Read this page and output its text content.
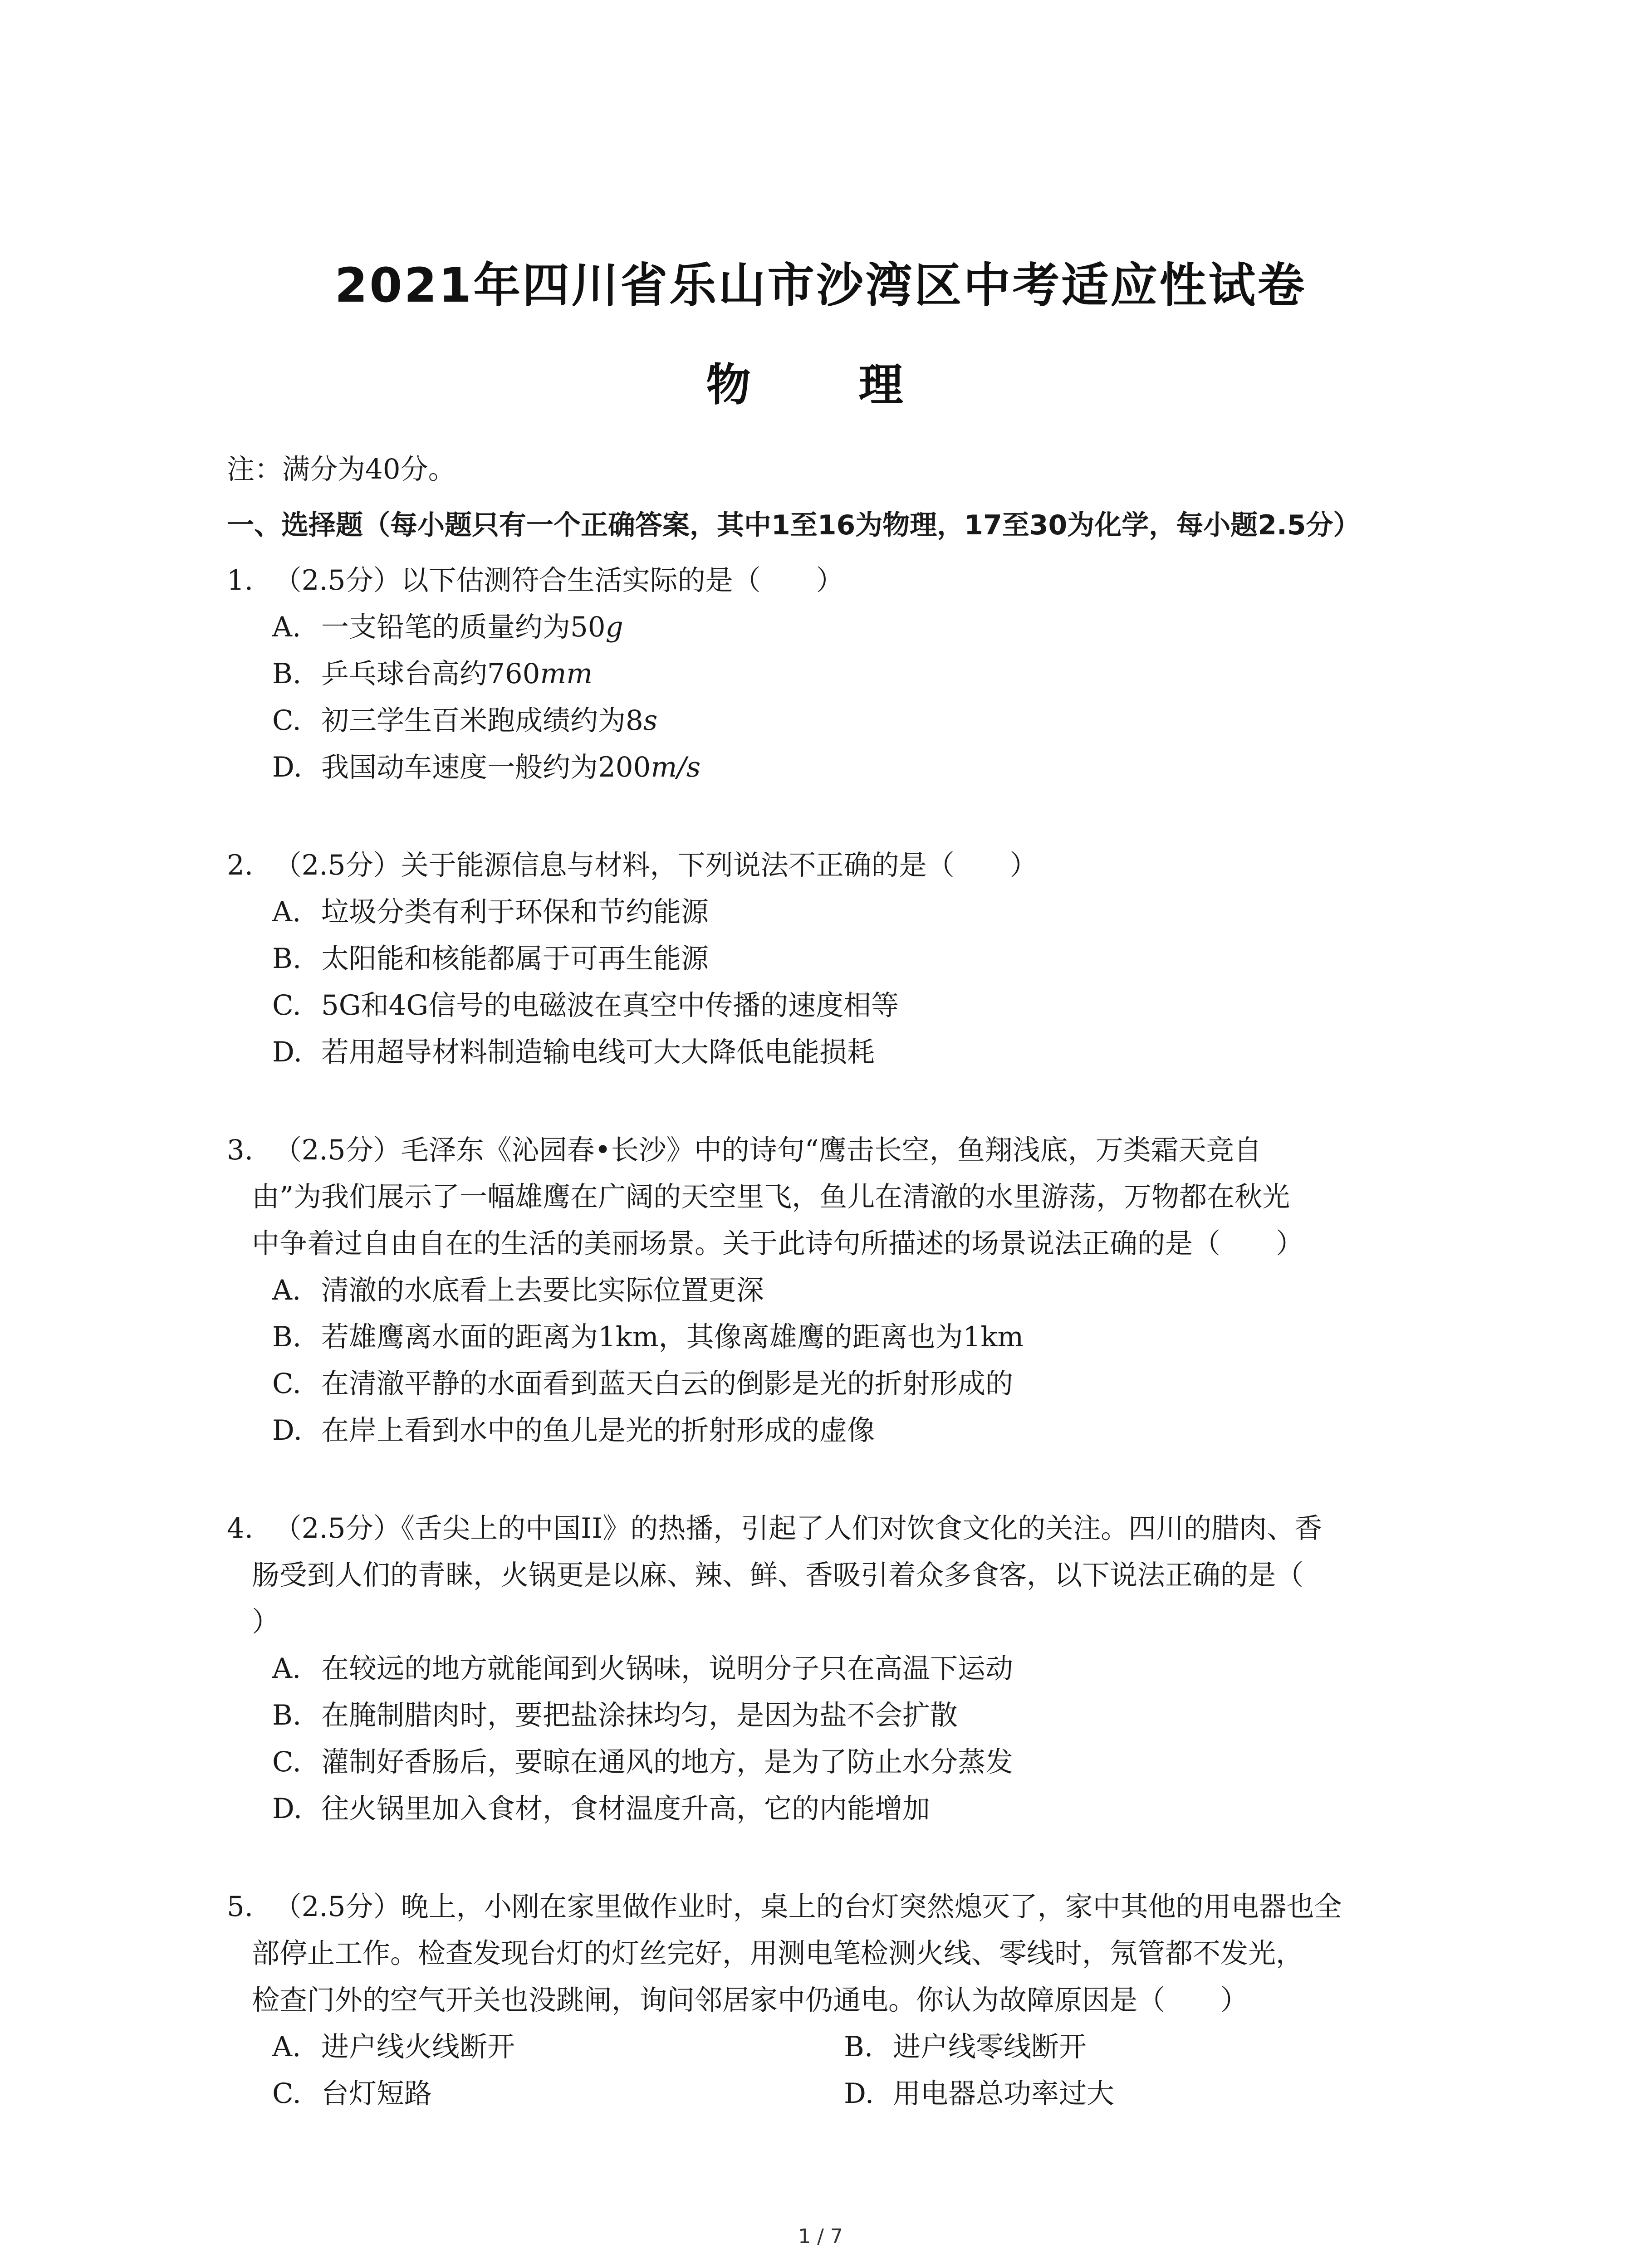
2021年四川省乐山市沙湾区中考适应性试卷
物　理
注：满分为40分。
一、选择题（每小题只有一个正确答案，其中1至16为物理，17至30为化学，每小题2.5分）
1. （2.5分）以下估测符合生活实际的是（　　）
A. 一支铅笔的质量约为50g
B. 乒乓球台高约760mm
C. 初三学生百米跑成绩约为8s
D. 我国动车速度一般约为200m/s
2. （2.5分）关于能源信息与材料，下列说法不正确的是（　　）
A. 垃圾分类有利于环保和节约能源
B. 太阳能和核能都属于可再生能源
C. 5G和4G信号的电磁波在真空中传播的速度相等
D. 若用超导材料制造输电线可大大降低电能损耗
3. （2.5分）毛泽东《沁园春•长沙》中的诗句“鹰击长空，鱼翔浅底，万类霜天竞自
由”为我们展示了一幅雄鹰在广阔的天空里飞，鱼儿在清澈的水里游荡，万物都在秋光
中争着过自由自在的生活的美丽场景。关于此诗句所描述的场景说法正确的是（　　）
A. 清澈的水底看上去要比实际位置更深
B. 若雄鹰离水面的距离为1km，其像离雄鹰的距离也为1km
C. 在清澈平静的水面看到蓝天白云的倒影是光的折射形成的
D. 在岸上看到水中的鱼儿是光的折射形成的虚像
4. （2.5分）《舌尖上的中国II》的热播，引起了人们对饮食文化的关注。四川的腊肉、香
肠受到人们的青睐，火锅更是以麻、辣、鲜、香吸引着众多食客，以下说法正确的是（
）
A. 在较远的地方就能闻到火锅味，说明分子只在高温下运动
B. 在腌制腊肉时，要把盐涂抹均匀，是因为盐不会扩散
C. 灌制好香肠后，要晾在通风的地方，是为了防止水分蒸发
D. 往火锅里加入食材，食材温度升高，它的内能增加
5. （2.5分）晚上，小刚在家里做作业时，桌上的台灯突然熄灭了，家中其他的用电器也全
部停止工作。检查发现台灯的灯丝完好，用测电笔检测火线、零线时，氖管都不发光，
检查门外的空气开关也没跳闸，询问邻居家中仍通电。你认为故障原因是（　　）
A. 进户线火线断开	B. 进户线零线断开
C. 台灯短路	D. 用电器总功率过大
1 / 7
